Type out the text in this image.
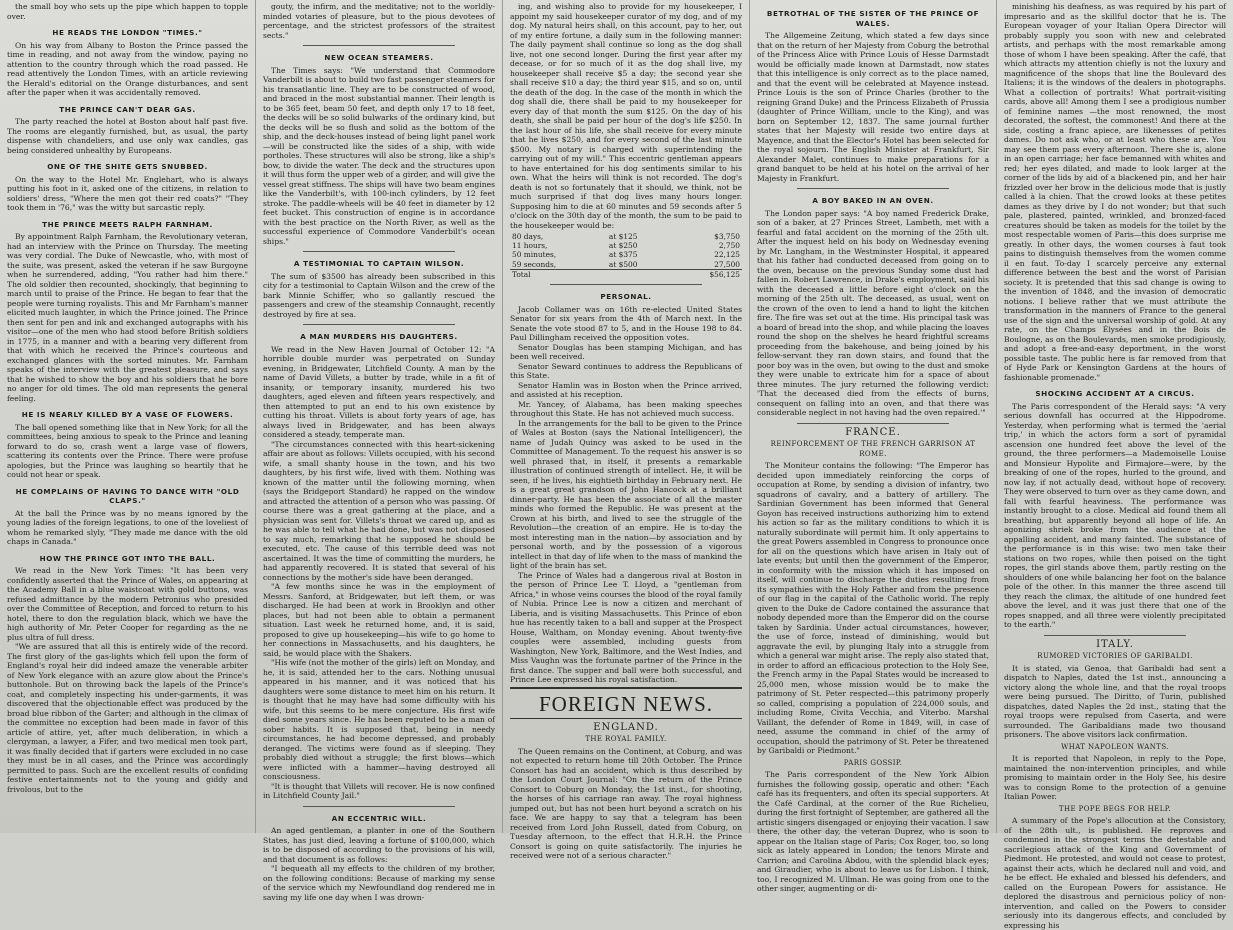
the small boy who sets up the pipe which happen to topple over.

HE READS THE LONDON "TIMES."

On his way from Albany to Boston the Prince passed the time in reading, and not away from the window, paying no attention to the country through which the road passed. He read attentively the London Times, with an article reviewing the Herald's editorial on the Orange disturbances, and sent after the paper when it was accidentally removed.

THE PRINCE CAN'T DEAR GAS.

The party reached the hotel at Boston about half past five. The rooms are elegantly furnished, but, as usual, the party dispense with chandeliers, and use only wax candles, gas being considered unhealthy by Europeans.

ONE OF THE SHITE GETS SNUBBED.

On the way to the Hotel Mr. Englehart, who is always putting his foot in it, asked one of the citizens, in relation to soldiers' dress, "Where the men got their red coats?" "They took them in '76," was the witty but sarcastic reply.

THE PRINCE MEETS RALPH FARNHAM.

By appointment Ralph Farnham, the Revolutionary veteran, had an interview with the Prince on Thursday. The meeting was very cordial. The Duke of Newcastle, who, with most of the suite, was present, asked the veteran if he saw Burgoyne when he surrendered, adding, "You rather had him there." The old soldier then recounted, shockingly, that beginning to march until to praise of the Prince. He began to fear that the people were turning royalists. This and Mr Farnham's manner elicited much laughter, in which the Prince joined. The Prince then sent for pen and ink and exchanged autographs with his visitor—one of the men who had stood before British soldiers in 1775, in a manner and with a bearing very different from that with which he received the Prince's courteous and exchanged glances with the sorted minutes. Mr. Farnham speaks of the interview with the greatest pleasure, and says that he wished to show the boy and his soldiers that he bore no anger for old times. The old man represents the general feeling.

HE IS NEARLY KILLED BY A VASE OF FLOWERS.

The ball opened something like that in New York; for all the committees, being anxious to speak to the Prince and leaning forward to do so, crash went a large vase of flowers, scattering its contents over the Prince. There were profuse apologies, but the Prince was laughing so heartily that he could not hear or speak.

HE COMPLAINS OF HAVING TO DANCE WITH "OLD CLAPS."

At the ball the Prince was by no means ignored by the young ladies of the foreign legations, to one of the loveliest of whom he remarked slyly, "They made me dance with the old chaps in Canada."

HOW THE PRINCE GOT INTO THE BALL.

We read in the New York Times: "It has been very confidently asserted that the Prince of Wales, on appearing at the Academy Ball in a blue waistcoat with gold buttons, was refused admittance by the modern Petronius who presided over the Committee of Reception, and forced to return to his hotel, there to don the regulation black, which we have the high authority of Mr. Peter Cooper for regarding as the ne plus ultra of full dress.

"We are assured that all this is entirely wide of the record. The first glory of the gas-lights which fell upon the form of England's royal heir did indeed amaze the venerable arbiter of New York elegance with an azure glow about the Prince's buttonhole. But on throwing back the lapels of the Prince's coat, and completely inspecting his under-garments, it was discovered that the objectionable effect was produced by the broad blue ribbon of the Garter; and although in the climax of the committee no exception had been made in favor of this article of attire, yet, after much deliberation, in which a clergyman, a lawyer, a Fifer, and two medical men took part, it was finally decided that if garters were excluded in no case they must be in all cases, and the Prince was accordingly permitted to pass. Such are the excellent results of confiding festive entertainments not to the young and giddy and frivolous, but to the

gouty, the infirm, and the meditative; not to the worldly-minded votaries of pleasure, but to the pious devotees of percentage, and the strictest professors of the straitest sects."

NEW OCEAN STEAMERS.

The Times says: "We understand that Commodore Vanderbilt is about to build two fast passenger steamers for his transatlantic line. They are to be constructed of wood, and braced in the most substantial manner. Their length is to be 365 feet, beam 50 feet, and depth only 17 to 18 feet, the decks will be so solid bulwarks of the ordinary kind, but the decks will be so flush and solid as the bottom of the ship, and the deck-houses instead of being light panel work—will be constructed like the sides of a ship, with wide portholes. These structures will also be strong, like a ship's bow, to divide the water. The deck and the structures upon it will thus form the upper web of a girder, and will give the vessel great stiffness. The ships will have two beam engines like the Vanderbilt's, with 100-inch cylinders, by 12 feet stroke. The paddle-wheels will be 40 feet in diameter by 12 feet bucket. This construction of engine is in accordance with the best practice on the North River, as well as the successful experience of Commodore Vanderbilt's ocean ships."

A TESTIMONIAL TO CAPTAIN WILSON.

The sum of $3500 has already been subscribed in this city for a testimonial to Captain Wilson and the crew of the bark Minnie Schiffer, who so gallantly rescued the passengers and crew of the steamship Connaught, recently destroyed by fire at sea.

A MAN MURDERS HIS DAUGHTERS.

We read in the New Haven Journal of October 12: "A horrible double murder was perpetrated on Sunday evening, in Bridgewater, Litchfield County. A man by the name of David Villets, a butter by trade, while in a fit of insanity, or temporary insanity, murdered his two daughters, aged eleven and fifteen years respectively, and then attempted to put an end to his own existence by cutting his throat. Villets is about forty years of age, has always lived in Bridgewater, and has been always considered a steady, temperate man.

"The circumstances connected with this heart-sickening affair are about as follows: Villets occupied, with his second wife, a small shanty house in the town, and his two daughters, by his first wife, lived with them. Nothing was known of the matter until the following morning, when (says the Bridgeport Standard) he rapped on the window and attracted the attention of a person who was passing. Of course there was a great gathering at the place, and a physician was sent for. Villets's throat we cared up, and as he was able to tell what he had done, but was not disposed to say much, remarking that he supposed he should be executed, etc. The cause of this terrible deed was not ascertained. It was the time of committing the murders, he had apparently recovered. It is stated that several of his connections by the mother's side have been deranged.

"A few months since he was in the employment of Messrs. Sanford, at Bridgewater, but left them, or was discharged. He had been at work in Brooklyn and other places, but had not been able to obtain a permanent situation. Last week he returned home, and, it is said, proposed to give up housekeeping—his wife to go home to her connections in Massachusetts, and his daughters, he said, he would place with the Shakers.

"His wife (not the mother of the girls) left on Monday, and he, it is said, attended her to the cars. Nothing unusual appeared in his manner, and it was noticed that his daughters were some distance to meet him on his return. It is thought that he may have had some difficulty with his wife, but this seems to be mere conjecture. His first wife died some years since. He has been reputed to be a man of sober habits. It is supposed that, being in needy circumstances, he had become depressed, and probably deranged. The victims were found as if sleeping. They probably died without a struggle; the first blows—which were inflicted with a hammer—having destroyed all consciousness.

"It is thought that Villets will recover. He is now confined in Litchfield County Jail."

AN ECCENTRIC WILL.

An aged gentleman, a planter in one of the Southern States, has just died, leaving a fortune of $100,000, which is to be disposed of according to the provisions of his will, and that document is as follows:

"I bequeath all my effects to the children of my brother, on the following conditions: Because of marking my sense of the service which my Newfoundland dog rendered me in saving my life one day when I was drown-

ing, and wishing also to provide for my housekeeper, I appoint my said housekeeper curator of my dog, and of my dog. My natural heirs shall, on this account, pay to her, out of my entire fortune, a daily sum in the following manner: The daily payment shall continue so long as the dog shall live, not one second longer. During the first year after my decease, or for so much of it as the dog shall live, my housekeeper shall receive $5 a day; the second year she shall receive $10 a day; the third year $15, and so on, until the death of the dog. In the case of the month in which the dog shall die, there shall be paid to my housekeeper for every day of that month the sum $125. On the day of his death, she shall be paid per hour of the dog's life $250. In the last hour of his life, she shall receive for every minute that he lives $250, and for every second of the last minute $500. My notary is charged with superintending the carrying out of my will." This eccentric gentleman appears to have entertained for his dog sentiments similar to his own. What the heirs will think is not recorded. The dog's death is not so fortunately that it should, we think, not be much surprised if that dog lives many hours longer. Supposing him to die at 60 minutes and 59 seconds after 5 o'clock on the 30th day of the month, the sum to be paid to the housekeeper would be:

80 days,	at $125	$3,750
11 hours,	at $250	2,750
50 minutes,	at $375	22,125
59 seconds,	at $500	27,500
Total		$56,125
PERSONAL.

Jacob Collamer was on 16th re-elected United States Senator for six years from the 4th of March next. In the Senate the vote stood 87 to 5, and in the House 198 to 84. Paul Dillingham received the opposition votes.

Senator Douglas has been stamping Michigan, and has been well received.

Senator Seward continues to address the Republicans of this State.

Senator Hamlin was in Boston when the Prince arrived, and assisted at his reception.

Mr. Yancey, of Alabama, has been making speeches throughout this State. He has not achieved much success.

In the arrangements for the ball to be given to the Prince of Wales at Boston (says the National Intelligencer), the name of Judah Quincy was asked to be used in the Committee of Management. To the request his answer is so well phrased that, in itself, it presents a remarkable illustration of continued strength of intellect. He, it will be seen, if he lives, his eightieth birthday in February next. He is a great great grandson of John Hancock at a brilliant dinner-party. He has been the associate of all the master minds who formed the Republic. He was present at the Crown at his birth, and lived to see the struggle of the Revolution—the creation of an empire. He is to-day the most interesting man in the nation—by association and by personal worth, and by the possession of a vigorous intellect in that day of life when to the mass of mankind the light of the brain has set.

The Prince of Wales had a dangerous rival at Boston in the person of Prince Lee T. Lloyd, a "gentleman from Africa," in whose veins courses the blood of the royal family of Nubia. Prince Lee is now a citizen and merchant of Liberia, and is visiting Massachusetts. This Prince of ebon hue has recently taken to a ball and supper at the Prospect House, Waltham, on Monday evening. About twenty-five couples were assembled, including guests from Washington, New York, Baltimore, and the West Indies, and Miss Vaughn was the fortunate partner of the Prince in the first dance. The supper and ball were both successful, and Prince Lee expressed his royal satisfaction.

FOREIGN NEWS.
ENGLAND.
THE ROYAL FAMILY.

The Queen remains on the Continent, at Coburg, and was not expected to return home till 20th October. The Prince Consort has had an accident, which is thus described by the London Court Journal: "On the return of the Prince Consort to Coburg on Monday, the 1st inst., for shooting, the horses of his carriage ran away. The royal highness jumped out, but has not been hurt beyond a scratch on his face. We are happy to say that a telegram has been received from Lord John Russell, dated from Coburg, on Tuesday afternoon, to the effect that H.R.H. the Prince Consort is going on quite satisfactorily. The injuries he received were not of a serious character."

BETROTHAL OF THE SISTER OF THE PRINCE OF WALES.

The Allgemeine Zeitung, which stated a few days since that on the return of her Majesty from Coburg the betrothal of the Princess Alice with Prince Louis of Hesse Darmstadt would be officially made known at Darmstadt, now states that this intelligence is only correct as to the place named, and that the event will be celebrated at Mayence instead. Prince Louis is the son of Prince Charles (brother to the reigning Grand Duke) and the Princess Elizabeth of Prussia (daughter of Prince William, uncle to the King), and was born on September 12, 1837. The same journal further states that her Majesty will reside two entire days at Mayence, and that the Elector's Hotel has been selected for the royal sojourn. The English Minister at Frankfurt, Sir Alexander Malet, continues to make preparations for a grand banquet to be held at his hotel on the arrival of her Majesty in Frankfurt.

A BOY BAKED IN AN OVEN.

The London paper says: "A boy named Frederick Drake, son of a baker, at 27 Princes Street, Lambeth, met with a fearful and fatal accident on the morning of the 25th ult. After the inquest held on his body on Wednesday evening by Mr. Langham, in the Westminster Hospital, it appeared that his father had conducted deceased from going on to the oven, because on the previous Sunday some dust had fallen in. Robert Lawrence, in Drake's employment, said his with the deceased a little before eight o'clock on the morning of the 25th ult. The deceased, as usual, went on the crown of the oven to lend a hand to light the kitchen fire. The fire was set out at the time. His principal task was a board of bread into the shop, and while placing the loaves round the shop on the shelves he heard frightful screams proceeding from the bakehouse, and being joined by his fellow-servant they ran down stairs, and found that the poor boy was in the oven, but owing to the dust and smoke they were unable to extricate him for a space of about three minutes. The jury returned the following verdict: 'That the deceased died from the effects of burns, consequent on falling into an oven, and that there was considerable neglect in not having had the oven repaired.'"

FRANCE.
REINFORCEMENT OF THE FRENCH GARRISON AT ROME.

The Moniteur contains the following: "The Emperor has decided upon immediately reinforcing the corps of occupation at Rome, by sending a division of infantry, two squadrons of cavalry, and a battery of artillery. The Sardinian Government has been informed that General Goyon has received instructions authorizing him to extend his action so far as the military conditions to which it is naturally subordinate will permit him. It only appertains to the great Powers assembled in Congress to pronounce once for all on the questions which have arisen in Italy out of late events; but until then the government of the Emperor, in conformity with the mission which it has imposed on itself, will continue to discharge the duties resulting from its sympathies with the Holy Father and from the presence of our flag in the capital of the Catholic world. The reply given to the Duke de Cadore contained the assurance that nobody depended more than the Emperor did on the course taken by Sardinia. Under actual circumstances, however, the use of force, instead of diminishing, would but aggravate the evil, by plunging Italy into a struggle from which a general war might arise. The reply also stated that, in order to afford an efficacious protection to the Holy See, the French army in the Papal States would be increased to 25,000 men, whose mission would be to make the patrimony of St. Peter respected—this patrimony properly so called, comprising a population of 224,000 souls, and including Rome, Civita Vecchia, and Viterbo. Marshal Vaillant, the defender of Rome in 1849, will, in case of need, assume the command in chief of the army of occupation, should the patrimony of St. Peter be threatened by Garibaldi or Piedmont."

PARIS GOSSIP.

The Paris correspondent of the New York Albion furnishes the following gossip, operatic and other: "Each café has its frequenters, and often its special supporters. At the Café Cardinal, at the corner of the Rue Richelieu, during the first fortnight of September, are gathered all the artistic singers disengaged or enjoying their vacation. I saw there, the other day, the veteran Duprez, who is soon to appear on the Italian stage of Paris; Cox Roger, too, so long sick as lately appeared in London; the tenors Mirate and Carrion; and Carolina Abdou, with the splendid black eyes; and Giraudier, who is about to leave us for Lisbon. I think, too, I recognized M. Ullman. He was going from one to the other singer, augmenting or di-

minishing his deafness, as was required by his part of impresario and as the skillful doctor that he is. The European voyager of your Italian Opera Director will probably supply you soon with new and celebrated artists, and perhaps with the most remarkable among those of whom I have been speaking. After the café, that which attracts my attention chiefly is not the luxury and magnificence of the shops that line the Boulevard des Italiens; it is the windows of the dealers in photographs. What a collection of portraits! What portrait-visiting cards, above all! Among them I see a prodigious number of feminine names —the most renowned, the most decorated, the softest, the commonest! And there at the side, costing a franc apiece, are likenesses of petites dames. Do not ask who, or at least who these are. You may see them pass every afternoon. There she is, alone in an open carriage; her face bemanned with whites and red; her eyes dilated, and made to look larger at the corner of the lids by aid of a blackened pin, and her hair frizzled over her brow in the delicious mode that is justly called à la chien. That the crowd looks at these petites dames as they drive by I do not wonder; but that such pale, plastered, painted, wrinkled, and bronzed-faced creatures should be taken as models for the toilet by the most respectable women of Paris—this does surprise me greatly. In other days, the women courses à faut took pains to distinguish themselves from the women comme il en faut. To-day I scarcely perceive any external difference between the best and the worst of Parisian society. It is pretended that this sad change is owing to the invention of 1848, and the invasion of democratic notions. I believe rather that we must attribute the transformation in the manners of France to the general use of the sign and the universal worship of gold. At any rate, on the Champs Élysées and in the Bois de Boulogne, as on the Boulevards, men smoke prodigiously, and adopt a free-and-easy deportment, in the worst possible taste. The public here is far removed from that of Hyde Park or Kensington Gardens at the hours of fashionable promenade."

SHOCKING ACCIDENT AT A CIRCUS.

The Paris correspondent of the Herald says: "A very serious downfall has occurred at the Hippodrome. Yesterday, when performing what is termed the 'aerial trip,' in which the actors form a sort of pyramidal ascension one hundred feet above the level of the ground, the three performers—a Mademoiselle Louise and Monsieur Hypolite and Firmajore—were, by the breaking of one of the ropes, hurled to the ground, and now lay, if not actually dead, without hope of recovery. They were observed to turn over as they came down, and fall with fearful heaviness. The performance was instantly brought to a close. Medical aid found them all breathing, but apparently beyond all hope of life. An agonizing shriek broke from the audience at the appalling accident, and many fainted. The substance of the performance is in this wise: two men take their stations on two ropes, while then poised on the tight ropes, the girl stands above them, partly resting on the shoulders of one while balancing her foot on the balance pole of the other. In this manner the three ascend till they reach the climax, the altitude of one hundred feet above the level, and it was just there that one of the ropes snapped, and all three were violently precipitated to the earth."

ITALY.
RUMORED VICTORIES OF GARIBALDI.

It is stated, via Genoa, that Garibaldi had sent a dispatch to Naples, dated the 1st inst., announcing a victory along the whole line, and that the royal troops were being pursued. The Diritto, of Turin, published dispatches, dated Naples the 2d inst., stating that the royal troops were repulsed from Caserta, and were surrounded. The Garibaldians made two thousand prisoners. The above visitors lack confirmation.

WHAT NAPOLEON WANTS.

It is reported that Napoleon, in reply to the Pope, maintained the non-intervention principles, and while promising to maintain order in the Holy See, his desire was to consign Rome to the protection of a genuine Italian Power.

THE POPE BEGS FOR HELP.

A summary of the Pope's allocution at the Consistory, of the 28th ult., is published. He reproves and condemned in the strongest terms the detestable and sacrilegious attack of the King and Government of Piedmont. He protested, and would not cease to protest, against their acts, which he declared null and void, and he be effect. He exhaled and blessed his defenders, and called on the European Powers for assistance. He deplored the disastrous and pernicious policy of non-intervention, and called on the Powers to consider seriously into its dangerous effects, and concluded by expressing his
